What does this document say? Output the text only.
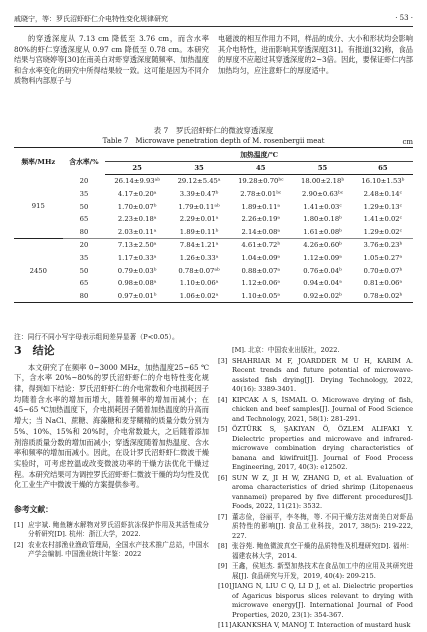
戚晓宁，等：罗氏沼虾虾仁介电特性变化规律研究	· 53 ·

的穿透深度从 7.13 cm 降低至 3.76 cm，而含水率80%的虾仁穿透深度从 0.97 cm 降低至 0.78 cm。本研究结果与宫晓婷等[30]在南美白对虾穿透深度随频率、加热温度和含水率变化的研究中所得结果较一致。这可能是因为不同介质物料内部原子与

电磁波的相互作用力不同，样品的成分、大小和形状均会影响其介电特性，进而影响其穿透深度[31]。有报道[32]称，食品的厚度不应超过其穿透深度的2~3倍。因此，要保证虾仁内部加热均匀，应注意虾仁的厚度适中。

表 7　罗氏沼虾虾仁的微波穿透深度
Table 7　Microwave penetration depth of M. rosenbergii meat	cm
频率/MHz	含水率/%	加热温度/℃				
		25	35	45	55	65
915	20	26.14±9.93ᵃᵇ	29.12±5.45ᵃ	19.28±0.70ᵇᶜ	18.00±2.18ᵇ	16.10±1.53ᵇ
	35	4.17±0.20ᵃ	3.39±0.47ᵇ	2.78±0.01ᵇᶜ	2.90±0.63ᵇᶜ	2.48±0.14ᶜ
	50	1.70±0.07ᵇ	1.79±0.11ᵃᵇ	1.89±0.11ᵃ	1.41±0.03ᶜ	1.29±0.13ᶜ
	65	2.23±0.18ᵃ	2.29±0.01ᵃ	2.26±0.19ᵃ	1.80±0.18ᵇ	1.41±0.02ᶜ
	80	2.03±0.11ᵃ	1.89±0.11ᵇ	2.14±0.08ᵃ	1.61±0.08ᵇ	1.29±0.02ᶜ
2450	20	7.13±2.50ᵃ	7.84±1.21ᵃ	4.61±0.72ᵇ	4.26±0.60ᵇ	3.76±0.23ᵇ
	35	1.17±0.33ᵃ	1.26±0.33ᵃ	1.04±0.09ᵃ	1.12±0.09ᵃ	1.05±0.27ᵃ
	50	0.79±0.03ᵇ	0.78±0.07ᵃᵇ	0.88±0.07ᵃ	0.76±0.04ᵇ	0.70±0.07ᵇ
	65	0.98±0.08ᵃ	1.10±0.06ᵃ	1.12±0.06ᵃ	0.94±0.04ᵃ	0.81±0.06ᵃ
	80	0.97±0.01ᵇ	1.06±0.02ᵃ	1.10±0.05ᵃ	0.92±0.02ᵇ	0.78±0.02ᵇ
注：同行不同小写字母表示组间差异显著（P<0.05）。
3　结论

本文研究了在频率 0~3000 MHz，加热温度25~65 ℃下，含水率 20%~80%的罗氏沼虾虾仁的介电特性变化规律，得到如下结论：罗氏沼虾虾仁的介电常数和介电损耗因子均随着含水率的增加而增大，随着频率的增加而减小；在 45~65 ℃加热温度下，介电损耗因子随着加热温度的升高而增大；当 NaCl、蔗糖、海藻糖和麦芽糊精的质量分数分别为 5%、10%、15%和 20%时，介电常数最大，之后随着添加剂溶质质量分数的增加而减小；穿透深度随着加热温度、含水率和频率的增加而减小。因此，在设计罗氏沼虾虾仁微波干燥实验时，可考虑控温或改变微波功率的干燥方法优化干燥过程。本研究结果可为调控罗氏沼虾虾仁微波干燥的均匀性及优化工业生产中微波干燥的方案提供参考。

参考文献：
[1] 应宇斌. 鲍鱼糖水解物对罗氏沼虾抗冻保护作用及其活性成分分析研究[D]. 杭州：浙江大学，2022.
[2] 农业农村部渔业渔政管理局，全国水产技术推广总站，中国水产学会编制. 中国渔业统计年鉴：2022
[M]. 北京：中国农业出版社，2022.
[3] SHAHRIAR M F, JOARDDER M U H, KARIM A. Recent trends and future potential of microwave-assisted fish drying[J]. Drying Technology, 2022, 40(16): 3389-3401.
[4] KIPCAK A S, İSMAİL O. Microwave drying of fish, chicken and beef samples[J]. Journal of Food Science and Technology, 2021, 58(1): 281-291.
[5] ÖZTÜRK S, ŞAKIYAN Ö, ÖZLEM ALIFAKI Y. Dielectric properties and microwave and infrared-microwave combination drying characteristics of banana and kiwifruit[J]. Journal of Food Process Engineering, 2017, 40(3): e12502.
[6] SUN W Z, JI H W, ZHANG D, et al. Evaluation of aroma characteristics of dried shrimp (Litopenaeus vannamei) prepared by five different procedures[J]. Foods, 2022, 11(21): 3532.
[7] 董志俭，谷丽平，李冬梅，等. 不同干燥方法对南美白对虾品质特性的影响[J]. 食品工业科技，2017, 38(5): 219-222, 227.
[8] 张谷苑. 鲍鱼微波真空干燥的品质特性及机理研究[D]. 福州：福建农林大学，2014.
[9] 王鑫，侯旭杰. 新型加热技术在食品加工中的应用及其研究进展[J]. 食品研究与开发，2019, 40(4): 209-215.
[10] JIANG N, LIU C Q, LI D J, et al. Dielectric properties of Agaricus bisporus slices relevant to drying with microwave energy[J]. International Journal of Food Properties, 2020, 23(1): 354-367.
[11] AKANKSHA V, MANOJ T. Interaction of mustard husk
